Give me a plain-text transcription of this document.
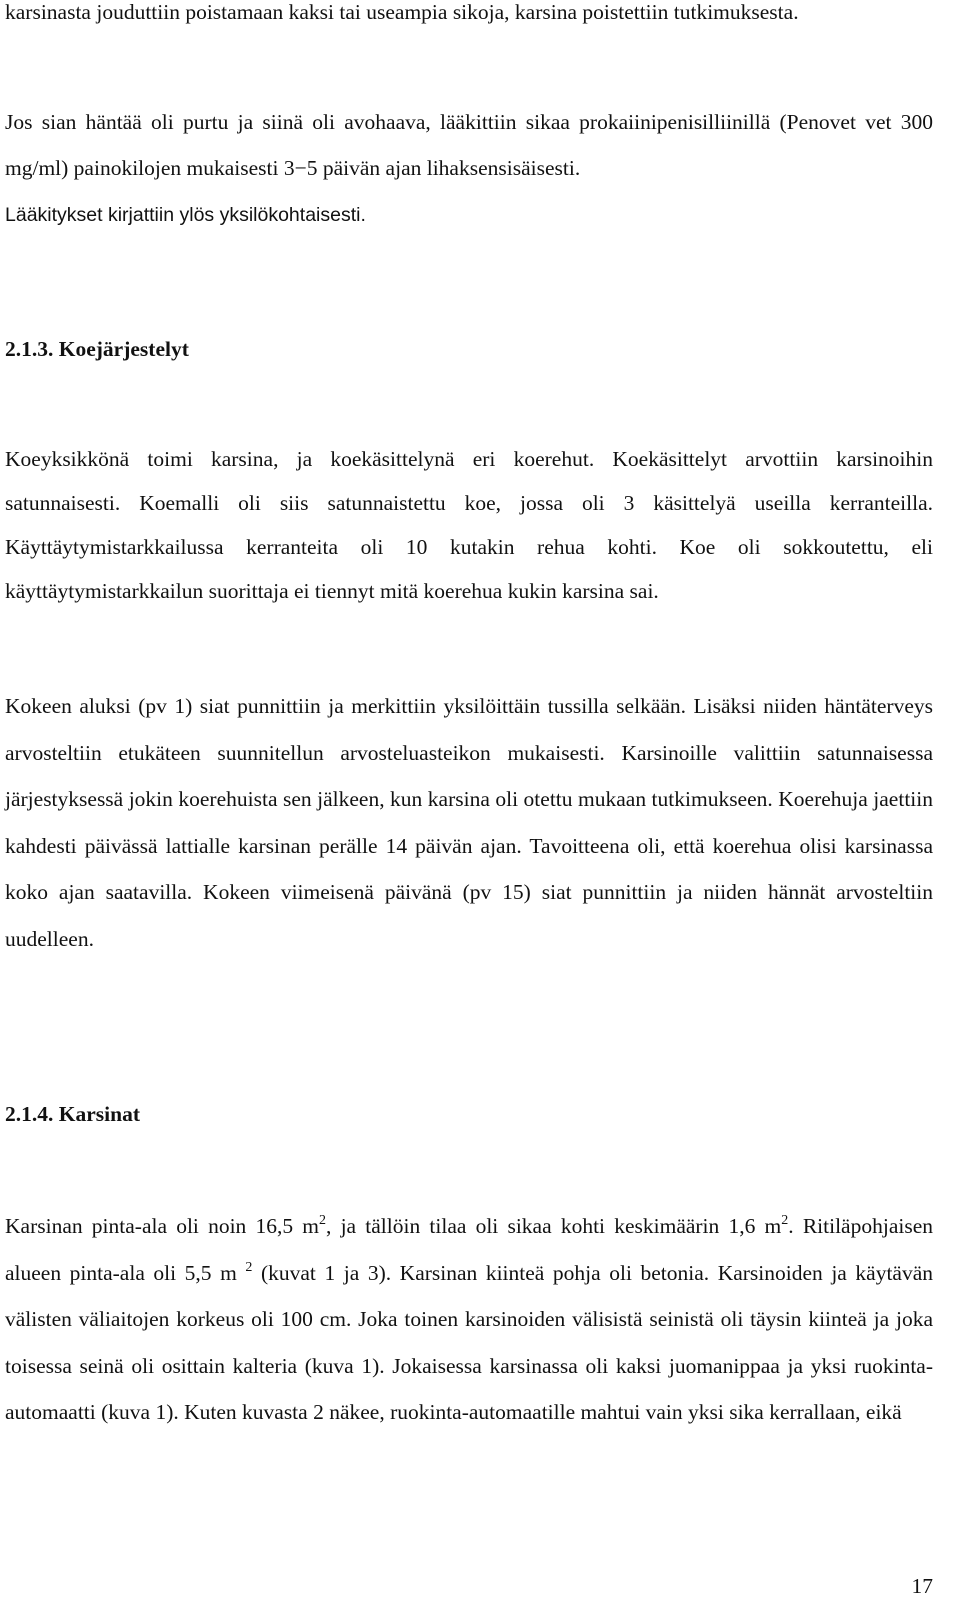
karsinasta jouduttiin poistamaan kaksi tai useampia sikoja, karsina poistettiin tutkimuksesta.

Jos sian häntää oli purtu ja siinä oli avohaava, lääkittiin sikaa prokaiinipenisilliinillä (Penovet vet 300 mg/ml) painokilojen mukaisesti 3−5 päivän ajan lihaksensisäisesti.

Lääkitykset kirjattiin ylös yksilökohtaisesti.

2.1.3. Koejärjestelyt

Koeyksikkönä toimi karsina, ja koekäsittelynä eri koerehut. Koekäsittelyt arvottiin karsinoihin satunnaisesti. Koemalli oli siis satunnaistettu koe, jossa oli 3 käsittelyä useilla kerranteilla. Käyttäytymistarkkailussa kerranteita oli 10 kutakin rehua kohti. Koe oli sokkoutettu, eli käyttäytymistarkkailun suorittaja ei tiennyt mitä koerehua kukin karsina sai.

Kokeen aluksi (pv 1) siat punnittiin ja merkittiin yksilöittäin tussilla selkään. Lisäksi niiden häntäterveys arvosteltiin etukäteen suunnitellun arvosteluasteikon mukaisesti. Karsinoille valittiin satunnaisessa järjestyksessä jokin koerehuista sen jälkeen, kun karsina oli otettu mukaan tutkimukseen. Koerehuja jaettiin kahdesti päivässä lattialle karsinan perälle 14 päivän ajan. Tavoitteena oli, että koerehua olisi karsinassa koko ajan saatavilla. Kokeen viimeisenä päivänä (pv 15) siat punnittiin ja niiden hännät arvosteltiin uudelleen.

2.1.4. Karsinat

Karsinan pinta-ala oli noin 16,5 $m^2$, ja tällöin tilaa oli sikaa kohti keskimäärin 1,6 $m^2$. Ritiläpohjaisen alueen pinta-ala oli 5,5 m $^2$ (kuvat 1 ja 3). Karsinan kiinteä pohja oli betonia. Karsinoiden ja käytävän välisten väliaitojen korkeus oli 100 cm. Joka toinen karsinoiden välisistä seinistä oli täysin kiinteä ja joka toisessa seinä oli osittain kalteria (kuva 1). Jokaisessa karsinassa oli kaksi juomanippaa ja yksi ruokinta-automaatti (kuva 1). Kuten kuvasta 2 näkee, ruokinta-automaatille mahtui vain yksi sika kerrallaan, eikä

17
